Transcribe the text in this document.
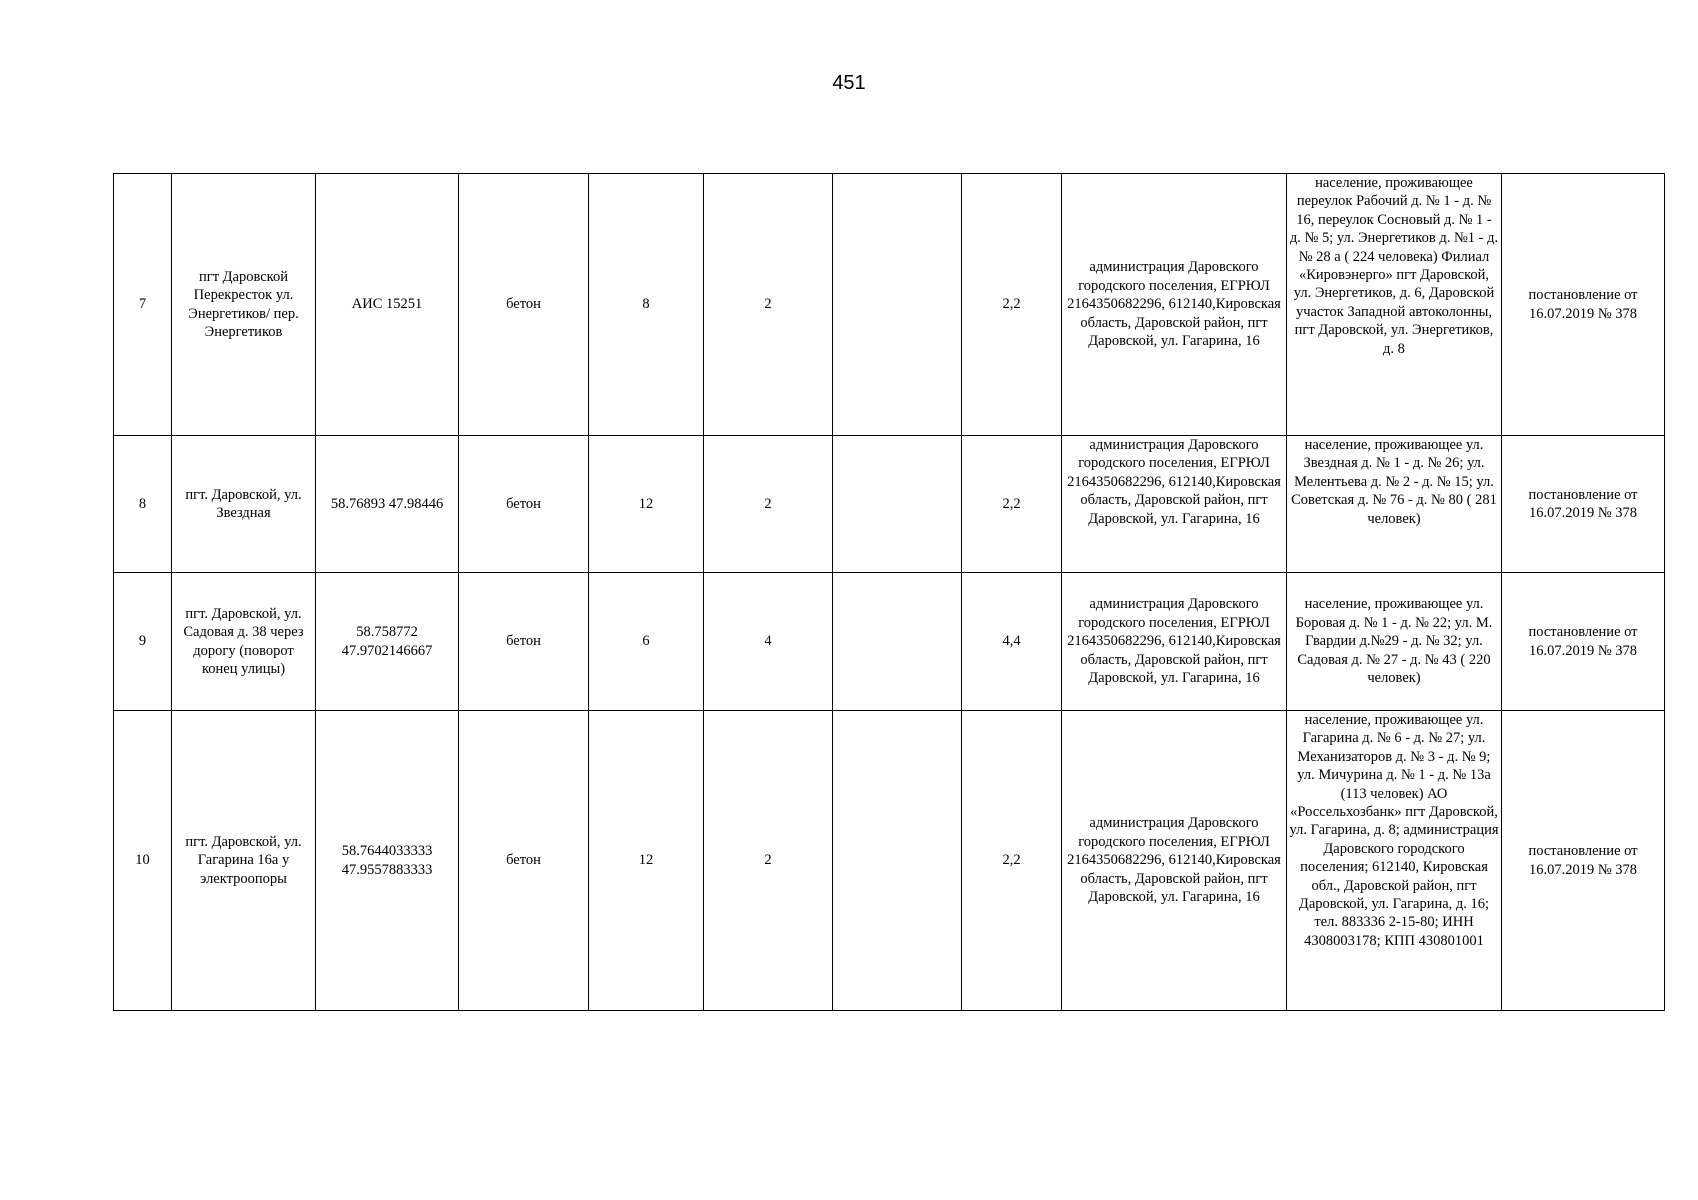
451
7	пгт Даровской Перекресток ул. Энергетиков/ пер. Энергетиков	АИС 15251	бетон	8	2		2,2	администрация Даровского городского поселения, ЕГРЮЛ 2164350682296, 612140,Кировская область, Даровской район, пгт Даровской, ул. Гагарина, 16	население, проживающее переулок Рабочий д. № 1 - д. № 16, переулок Сосновый д. № 1 - д. № 5; ул. Энергетиков д. №1 - д. № 28 а ( 224 человека) Филиал «Кировэнерго» пгт Даровской, ул. Энергетиков, д. 6, Даровской участок Западной автоколонны, пгт Даровской, ул. Энергетиков, д. 8	постановление от 16.07.2019 № 378
8	пгт. Даровской, ул. Звездная	58.76893 47.98446	бетон	12	2		2,2	администрация Даровского городского поселения, ЕГРЮЛ 2164350682296, 612140,Кировская область, Даровской район, пгт Даровской, ул. Гагарина, 16	население, проживающее ул. Звездная д. № 1 - д. № 26; ул. Мелентьева д. № 2 - д. № 15; ул. Советская д. № 76 - д. № 80 ( 281 человек)	постановление от 16.07.2019 № 378
9	пгт. Даровской, ул. Садовая д. 38 через дорогу (поворот конец улицы)	58.758772 47.9702146667	бетон	6	4		4,4	администрация Даровского городского поселения, ЕГРЮЛ 2164350682296, 612140,Кировская область, Даровской район, пгт Даровской, ул. Гагарина, 16	население, проживающее ул. Боровая д. № 1 - д. № 22; ул. М. Гвардии д.№29 - д. № 32; ул. Садовая д. № 27 - д. № 43 ( 220 человек)	постановление от 16.07.2019 № 378
10	пгт. Даровской, ул. Гагарина 16а у электроопоры	58.7644033333 47.9557883333	бетон	12	2		2,2	администрация Даровского городского поселения, ЕГРЮЛ 2164350682296, 612140,Кировская область, Даровской район, пгт Даровской, ул. Гагарина, 16	население, проживающее ул. Гагарина д. № 6 - д. № 27; ул. Механизаторов д. № 3 - д. № 9; ул. Мичурина д. № 1 - д. № 13а (113 человек) АО «Россельхозбанк» пгт Даровской, ул. Гагарина, д. 8; администрация Даровского городского поселения; 612140, Кировская обл., Даровской район, пгт Даровской, ул. Гагарина, д. 16; тел. 883336 2-15-80; ИНН 4308003178; КПП 430801001	постановление от 16.07.2019 № 378
